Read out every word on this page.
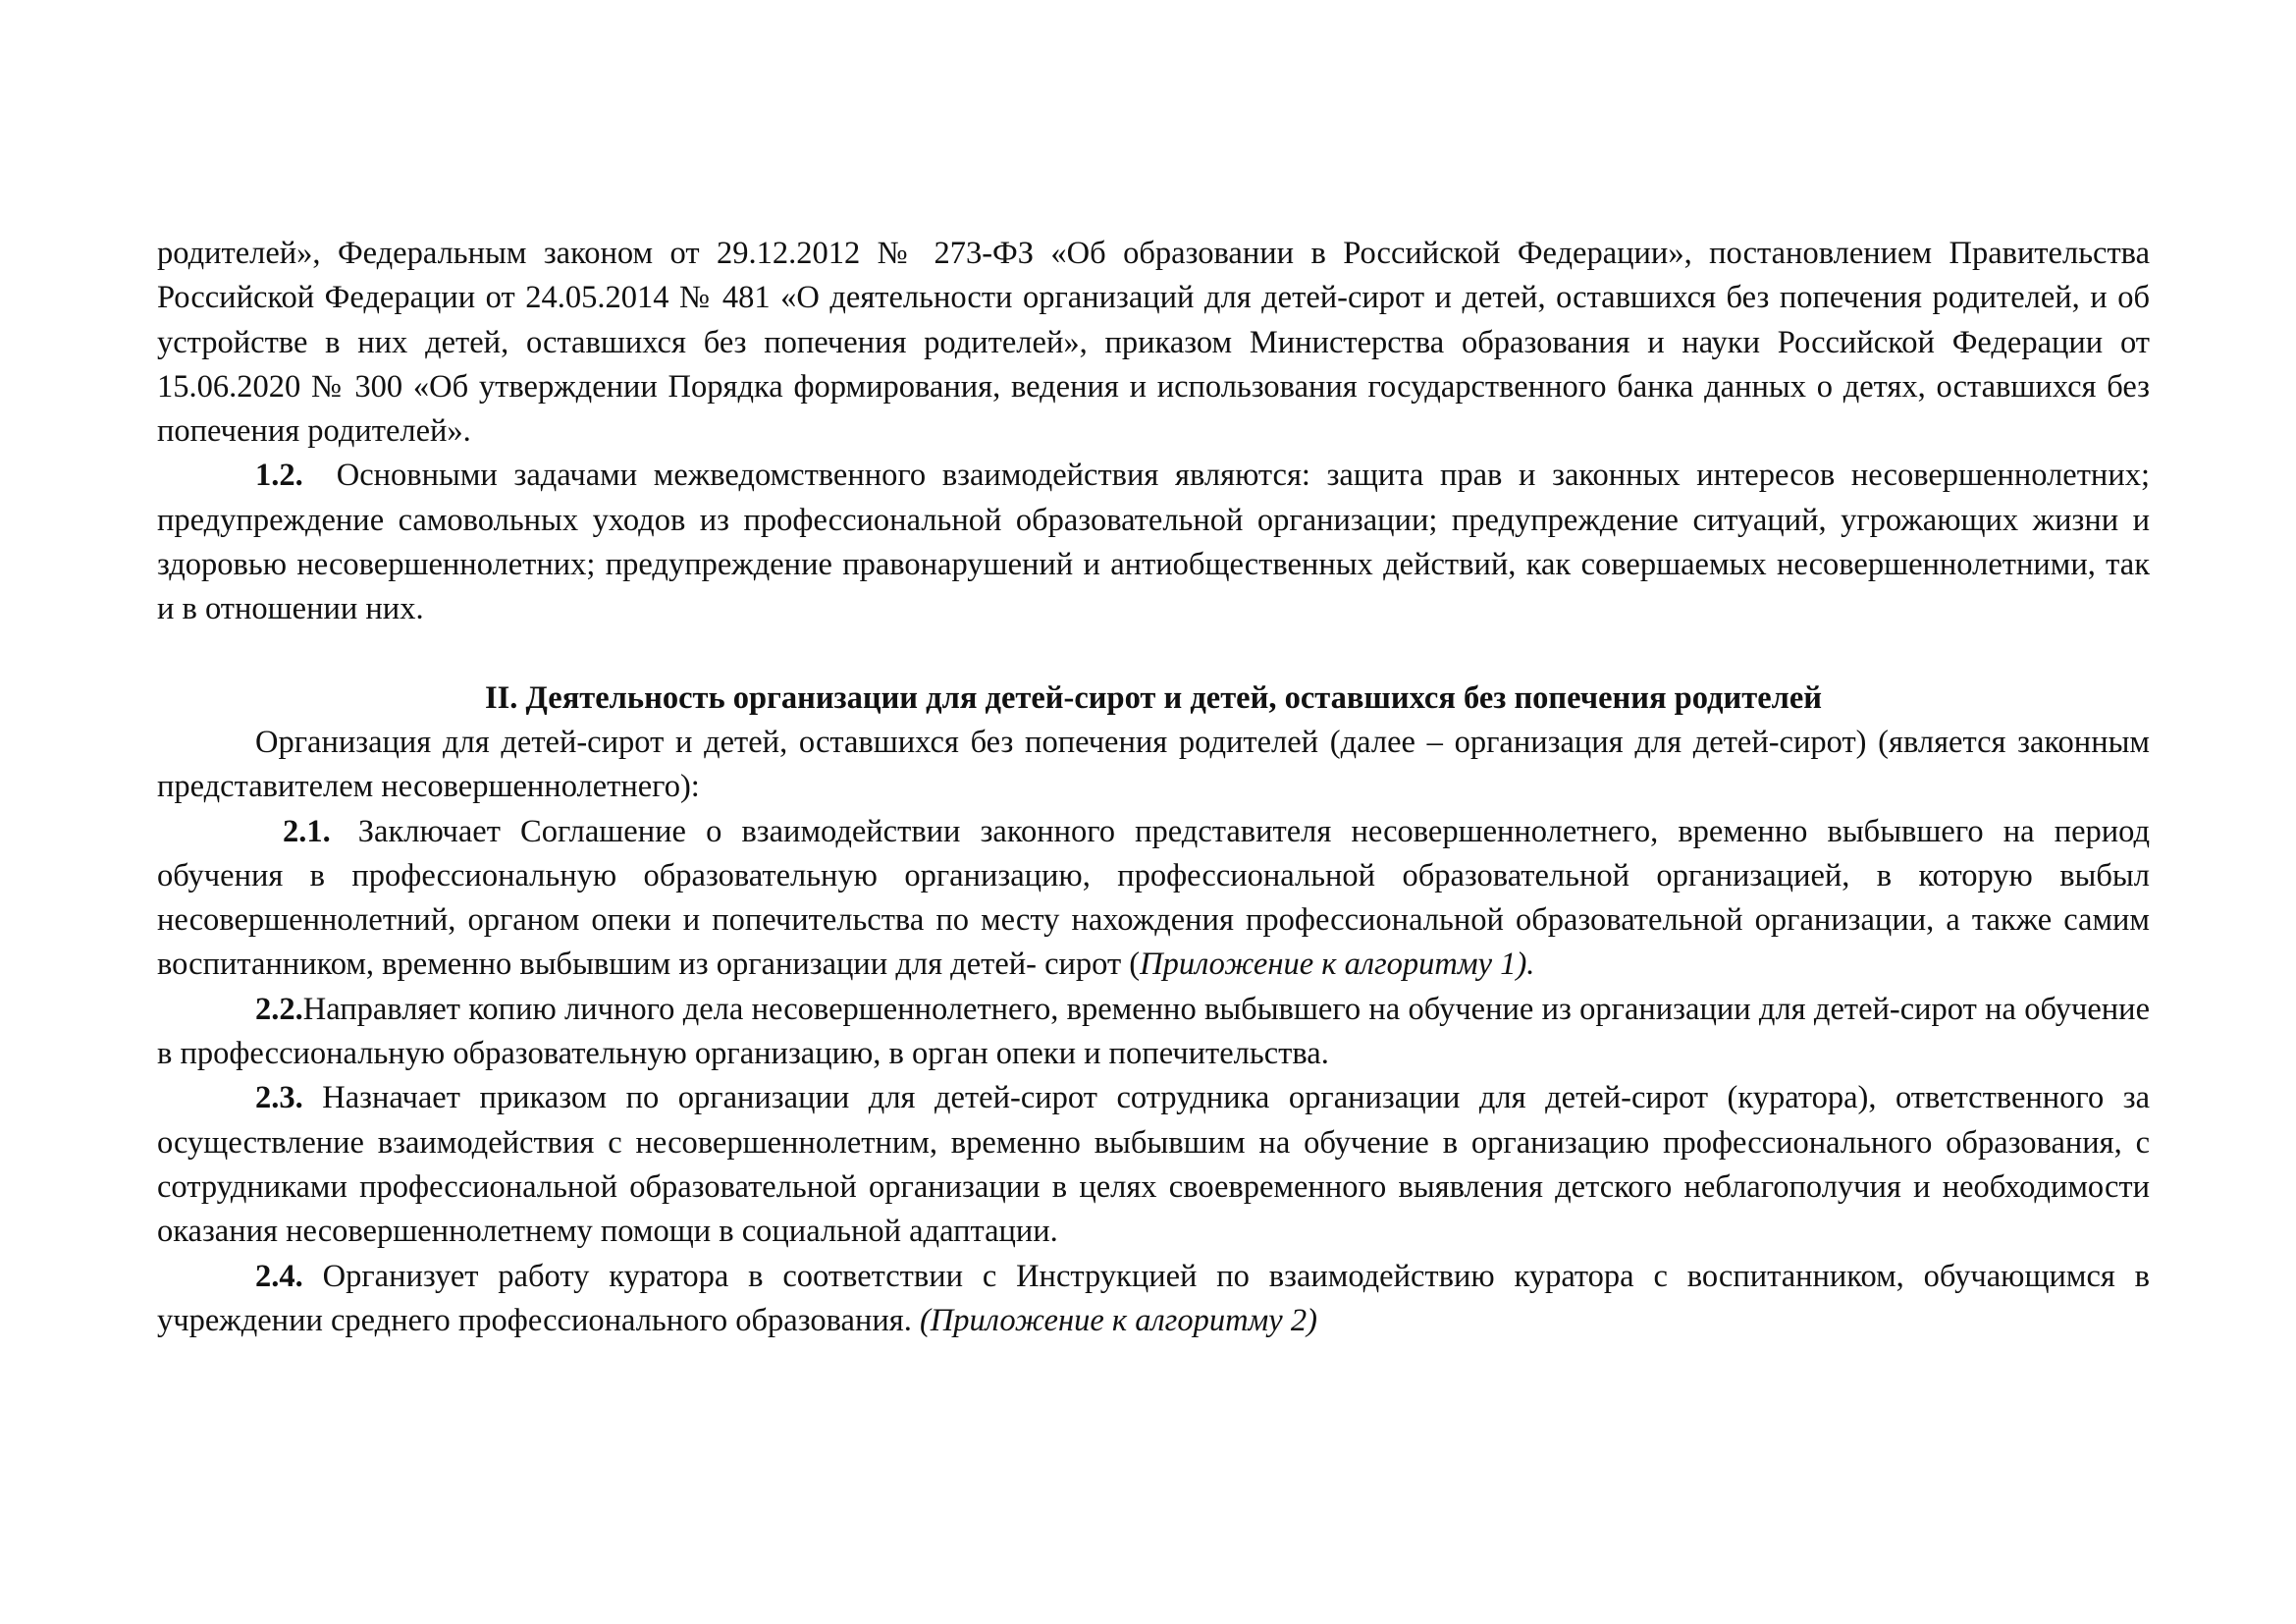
родителей», Федеральным законом от 29.12.2012 № 273-ФЗ «Об образовании в Российской Федерации», постановлением Правительства Российской Федерации от 24.05.2014 № 481 «О деятельности организаций для детей-сирот и детей, оставшихся без попечения родителей, и об устройстве в них детей, оставшихся без попечения родителей», приказом Министерства образования и науки Российской Федерации от 15.06.2020 № 300 «Об утверждении Порядка формирования, ведения и использования государственного банка данных о детях, оставшихся без попечения родителей».

1.2. Основными задачами межведомственного взаимодействия являются: защита прав и законных интересов несовершеннолетних; предупреждение самовольных уходов из профессиональной образовательной организации; предупреждение ситуаций, угрожающих жизни и здоровью несовершеннолетних; предупреждение правонарушений и антиобщественных действий, как совершаемых несовершеннолетними, так и в отношении них.

II. Деятельность организации для детей-сирот и детей, оставшихся без попечения родителей

Организация для детей-сирот и детей, оставшихся без попечения родителей (далее – организация для детей-сирот) (является законным представителем несовершеннолетнего):

2.1. Заключает Соглашение о взаимодействии законного представителя несовершеннолетнего, временно выбывшего на период обучения в профессиональную образовательную организацию, профессиональной образовательной организацией, в которую выбыл несовершеннолетний, органом опеки и попечительства по месту нахождения профессиональной образовательной организации, а также самим воспитанником, временно выбывшим из организации для детей- сирот (Приложение к алгоритму 1).

2.2.Направляет копию личного дела несовершеннолетнего, временно выбывшего на обучение из организации для детей-сирот на обучение в профессиональную образовательную организацию, в орган опеки и попечительства.

2.3. Назначает приказом по организации для детей-сирот сотрудника организации для детей-сирот (куратора), ответственного за осуществление взаимодействия с несовершеннолетним, временно выбывшим на обучение в организацию профессионального образования, с сотрудниками профессиональной образовательной организации в целях своевременного выявления детского неблагополучия и необходимости оказания несовершеннолетнему помощи в социальной адаптации.

2.4. Организует работу куратора в соответствии с Инструкцией по взаимодействию куратора с воспитанником, обучающимся в учреждении среднего профессионального образования. (Приложение к алгоритму 2)
